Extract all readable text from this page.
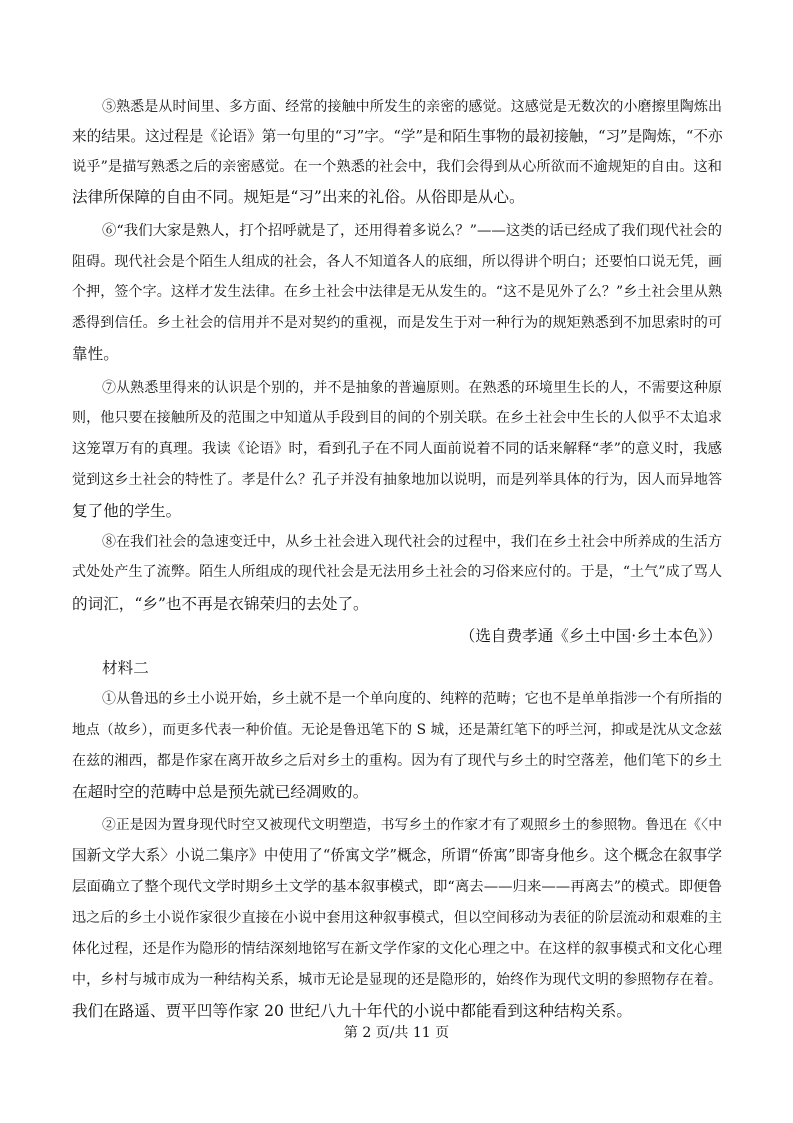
⑤熟悉是从时间里、多方面、经常的接触中所发生的亲密的感觉。这感觉是无数次的小磨擦里陶炼出
来的结果。这过程是《论语》第一句里的“习”字。“学”是和陌生事物的最初接触，“习”是陶炼，“不亦
说乎”是描写熟悉之后的亲密感觉。在一个熟悉的社会中，我们会得到从心所欲而不逾规矩的自由。这和
法律所保障的自由不同。规矩是“习”出来的礼俗。从俗即是从心。
⑥“我们大家是熟人，打个招呼就是了，还用得着多说么？”——这类的话已经成了我们现代社会的
阻碍。现代社会是个陌生人组成的社会，各人不知道各人的底细，所以得讲个明白；还要怕口说无凭，画
个押，签个字。这样才发生法律。在乡土社会中法律是无从发生的。“这不是见外了么？”乡土社会里从熟
悉得到信任。乡土社会的信用并不是对契约的重视，而是发生于对一种行为的规矩熟悉到不加思索时的可
靠性。
⑦从熟悉里得来的认识是个别的，并不是抽象的普遍原则。在熟悉的环境里生长的人，不需要这种原
则，他只要在接触所及的范围之中知道从手段到目的间的个别关联。在乡土社会中生长的人似乎不太追求
这笼罩万有的真理。我读《论语》时，看到孔子在不同人面前说着不同的话来解释“孝”的意义时，我感
觉到这乡土社会的特性了。孝是什么？孔子并没有抽象地加以说明，而是列举具体的行为，因人而异地答
复了他的学生。
⑧在我们社会的急速变迁中，从乡土社会进入现代社会的过程中，我们在乡土社会中所养成的生活方
式处处产生了流弊。陌生人所组成的现代社会是无法用乡土社会的习俗来应付的。于是，“土气”成了骂人
的词汇，“乡”也不再是衣锦荣归的去处了。
（选自费孝通《乡土中国·乡土本色》）
材料二
①从鲁迅的乡土小说开始，乡土就不是一个单向度的、纯粹的范畴；它也不是单单指涉一个有所指的
地点（故乡），而更多代表一种价值。无论是鲁迅笔下的 S 城，还是萧红笔下的呼兰河，抑或是沈从文念兹
在兹的湘西，都是作家在离开故乡之后对乡土的重构。因为有了现代与乡土的时空落差，他们笔下的乡土
在超时空的范畴中总是预先就已经凋败的。
②正是因为置身现代时空又被现代文明塑造，书写乡土的作家才有了观照乡土的参照物。鲁迅在《〈中
国新文学大系〉小说二集序》中使用了“侨寓文学”概念，所谓“侨寓”即寄身他乡。这个概念在叙事学
层面确立了整个现代文学时期乡土文学的基本叙事模式，即“离去——归来——再离去”的模式。即便鲁
迅之后的乡土小说作家很少直接在小说中套用这种叙事模式，但以空间移动为表征的阶层流动和艰难的主
体化过程，还是作为隐形的情结深刻地铭写在新文学作家的文化心理之中。在这样的叙事模式和文化心理
中，乡村与城市成为一种结构关系，城市无论是显现的还是隐形的，始终作为现代文明的参照物存在着。
我们在路遥、贾平凹等作家 20 世纪八九十年代的小说中都能看到这种结构关系。
第 2 页/共 11 页
